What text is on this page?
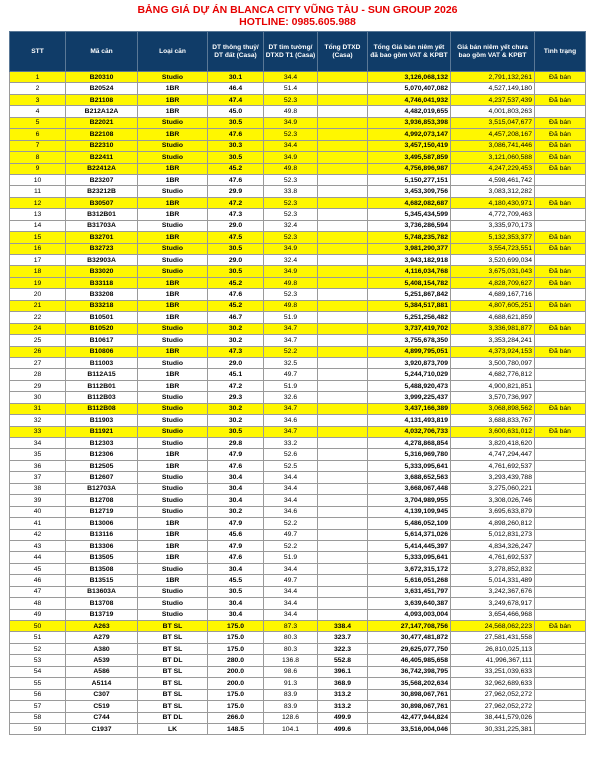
BẢNG GIÁ DỰ ÁN BLANCA CITY VŨNG TÀU - SUN GROUP 2026
HOTLINE: 0985.605.988
STT	Mã căn	Loại căn	DT thông thuỷ/ DT đất (Casa)	DT tim tường/ DTXD T1 (Casa)	Tổng DTXD (Casa)	Tổng Giá bán niêm yết đã bao gồm VAT & KPBT	Giá bán niêm yết chưa bao gồm VAT & KPBT	Tình trạng
1	B20310	Studio	30.1	34.4		3,126,068,132	2,791,132,261	Đã bán
2	B20524	1BR	46.4	51.4		5,070,407,082	4,527,149,180	
3	B21108	1BR	47.4	52.3		4,746,041,932	4,237,537,439	Đã bán
4	B212A12A	1BR	45.0	49.8		4,482,019,655	4,001,803,263	
5	B22021	Studio	30.5	34.9		3,936,853,398	3,515,047,677	Đã bán
6	B22108	1BR	47.6	52.3		4,992,073,147	4,457,208,167	Đã bán
7	B22310	Studio	30.3	34.4		3,457,150,419	3,086,741,446	Đã bán
8	B22411	Studio	30.5	34.9		3,495,587,859	3,121,060,588	Đã bán
9	B22412A	1BR	45.2	49.8		4,756,896,987	4,247,229,453	Đã bán
10	B23207	1BR	47.6	52.3		5,150,277,151	4,598,461,742	
11	B23212B	Studio	29.9	33.8		3,453,309,756	3,083,312,282	
12	B30507	1BR	47.2	52.3		4,682,082,687	4,180,430,971	Đã bán
13	B312B01	1BR	47.3	52.3		5,345,434,599	4,772,709,463	
14	B31703A	Studio	29.0	32.4		3,736,286,594	3,335,970,173	
15	B32701	1BR	47.5	52.3		5,748,235,782	5,132,353,377	Đã bán
16	B32723	Studio	30.5	34.9		3,981,290,377	3,554,723,551	Đã bán
17	B32903A	Studio	29.0	32.4		3,943,182,918	3,520,699,034	
18	B33020	Studio	30.5	34.9		4,116,034,768	3,675,031,043	Đã bán
19	B33118	1BR	45.2	49.8		5,408,154,782	4,828,709,627	Đã bán
20	B33208	1BR	47.6	52.3		5,251,867,842	4,689,167,716	
21	B33218	1BR	45.2	49.8		5,384,517,881	4,807,605,251	Đã bán
22	B10501	1BR	46.7	51.9		5,251,256,482	4,688,621,859	
24	B10520	Studio	30.2	34.7		3,737,419,702	3,336,981,877	Đã bán
25	B10617	Studio	30.2	34.7		3,755,678,350	3,353,284,241	
26	B10806	1BR	47.3	52.2		4,899,795,051	4,373,924,153	Đã bán
27	B11003	Studio	29.0	32.5		3,920,873,709	3,500,780,097	
28	B112A15	1BR	45.1	49.7		5,244,710,029	4,682,776,812	
29	B112B01	1BR	47.2	51.9		5,488,920,473	4,900,821,851	
30	B112B03	Studio	29.3	32.6		3,999,225,437	3,570,736,997	
31	B112B08	Studio	30.2	34.7		3,437,166,389	3,068,898,562	Đã bán
32	B11903	Studio	30.2	34.6		4,131,493,819	3,688,833,767	
33	B11921	Studio	30.5	34.7		4,032,706,733	3,600,631,012	Đã bán
34	B12303	Studio	29.8	33.2		4,278,868,854	3,820,418,620	
35	B12306	1BR	47.9	52.6		5,316,969,780	4,747,294,447	
36	B12505	1BR	47.6	52.5		5,333,095,641	4,761,692,537	
37	B12607	Studio	30.4	34.4		3,688,652,563	3,293,439,788	
38	B12703A	Studio	30.4	34.4		3,668,067,448	3,275,060,221	
39	B12708	Studio	30.4	34.4		3,704,989,955	3,308,026,746	
40	B12719	Studio	30.2	34.6		4,139,109,945	3,695,633,879	
41	B13006	1BR	47.9	52.2		5,486,052,109	4,898,260,812	
42	B13116	1BR	45.6	49.7		5,614,371,026	5,012,831,273	
43	B13306	1BR	47.9	52.2		5,414,445,397	4,834,326,247	
44	B13505	1BR	47.6	51.9		5,333,095,641	4,761,692,537	
45	B13508	Studio	30.4	34.4		3,672,315,172	3,278,852,832	
46	B13515	1BR	45.5	49.7		5,616,051,268	5,014,331,489	
47	B13603A	Studio	30.5	34.4		3,631,451,797	3,242,367,676	
48	B13708	Studio	30.4	34.4		3,639,640,387	3,249,678,917	
49	B13719	Studio	30.4	34.4		4,093,003,004	3,654,466,968	
50	A263	BT SL	175.0	87.3	338.4	27,147,708,756	24,568,062,223	Đã bán
51	A279	BT SL	175.0	80.3	323.7	30,477,481,872	27,581,431,558	
52	A380	BT SL	175.0	80.3	322.3	29,625,077,750	26,810,025,113	
53	A539	BT DL	280.0	136.8	552.8	46,405,985,658	41,996,367,111	
54	A586	BT SL	200.0	98.6	396.1	36,742,398,795	33,251,039,633	
55	A5114	BT SL	200.0	91.3	368.9	35,568,202,634	32,962,689,633	
56	C307	BT SL	175.0	83.9	313.2	30,898,067,761	27,962,052,272	
57	C519	BT SL	175.0	83.9	313.2	30,898,067,761	27,962,052,272	
58	C744	BT DL	266.0	128.6	499.9	42,477,944,824	38,441,579,026	
59	C1937	LK	148.5	104.1	499.6	33,516,004,046	30,331,225,381	
